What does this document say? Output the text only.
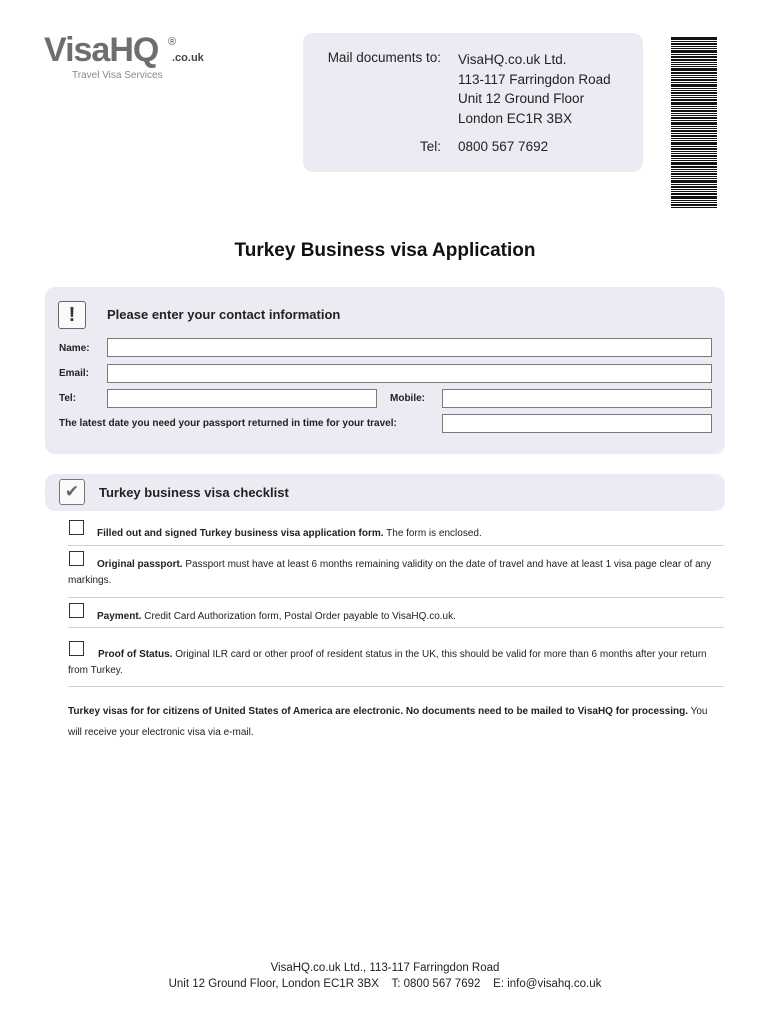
VisaHQ ®
.co.uk
Travel Visa Services
Mail documents to: VisaHQ.co.uk Ltd.
113-117 Farringdon Road
Unit 12 Ground Floor
London EC1R 3BX
Tel: 0800 567 7692
Turkey Business visa Application
!	Please enter your contact information
Name:
Email:
Tel:	Mobile:
The latest date you need your passport returned in time for your travel:
✔	Turkey business visa checklist
Filled out and signed Turkey business visa application form. The form is enclosed.
Original passport. Passport must have at least 6 months remaining validity on the date of travel and have at least 1 visa page clear of any markings.
Payment. Credit Card Authorization form, Postal Order payable to VisaHQ.co.uk.
Proof of Status. Original ILR card or other proof of resident status in the UK, this should be valid for more than 6 months after your return from Turkey.
Turkey visas for for citizens of United States of America are electronic. No documents need to be mailed to VisaHQ for processing. You will receive your electronic visa via e-mail.
VisaHQ.co.uk Ltd., 113-117 Farringdon Road
Unit 12 Ground Floor, London EC1R 3BX    T: 0800 567 7692    E: info@visahq.co.uk
